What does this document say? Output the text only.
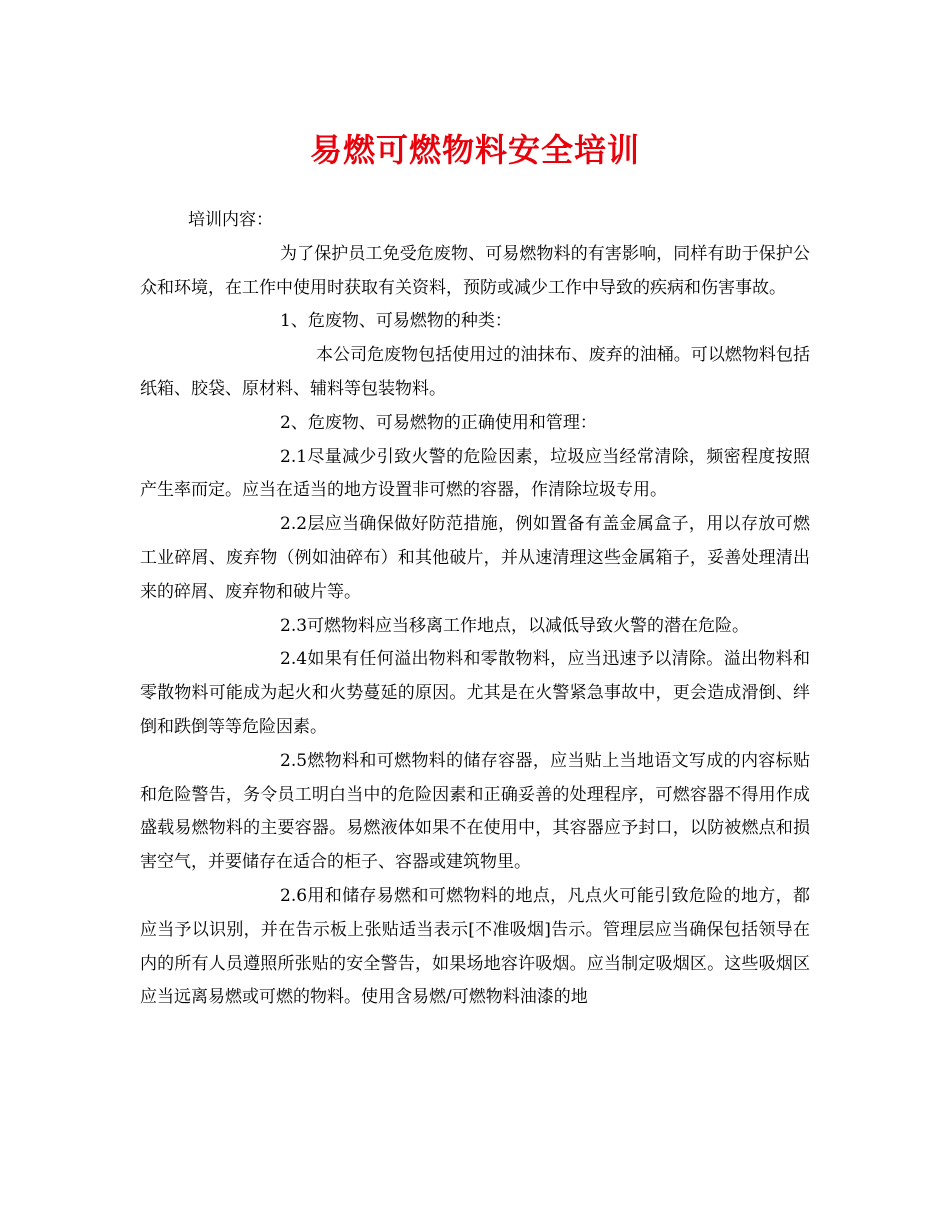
易燃可燃物料安全培训

培训内容：

为了保护员工免受危废物、可易燃物料的有害影响，同样有助于保护公众和环境，在工作中使用时获取有关资料，预防或减少工作中导致的疾病和伤害事故。

1、危废物、可易燃物的种类：

本公司危废物包括使用过的油抹布、废弃的油桶。可以燃物料包括纸箱、胶袋、原材料、辅料等包装物料。

2、危废物、可易燃物的正确使用和管理：

2.1尽量减少引致火警的危险因素，垃圾应当经常清除，频密程度按照产生率而定。应当在适当的地方设置非可燃的容器，作清除垃圾专用。

2.2层应当确保做好防范措施，例如置备有盖金属盒子，用以存放可燃工业碎屑、废弃物（例如油碎布）和其他破片，并从速清理这些金属箱子，妥善处理清出来的碎屑、废弃物和破片等。

2.3可燃物料应当移离工作地点，以减低导致火警的潜在危险。

2.4如果有任何溢出物料和零散物料，应当迅速予以清除。溢出物料和零散物料可能成为起火和火势蔓延的原因。尤其是在火警紧急事故中，更会造成滑倒、绊倒和跌倒等等危险因素。

2.5燃物料和可燃物料的储存容器，应当贴上当地语文写成的内容标贴和危险警告，务令员工明白当中的危险因素和正确妥善的处理程序，可燃容器不得用作成盛载易燃物料的主要容器。易燃液体如果不在使用中，其容器应予封口，以防被燃点和损害空气，并要储存在适合的柜子、容器或建筑物里。

2.6用和储存易燃和可燃物料的地点，凡点火可能引致危险的地方，都应当予以识别，并在告示板上张贴适当表示[不准吸烟]告示。管理层应当确保包括领导在内的所有人员遵照所张贴的安全警告，如果场地容许吸烟。应当制定吸烟区。这些吸烟区应当远离易燃或可燃的物料。使用含易燃/可燃物料油漆的地
